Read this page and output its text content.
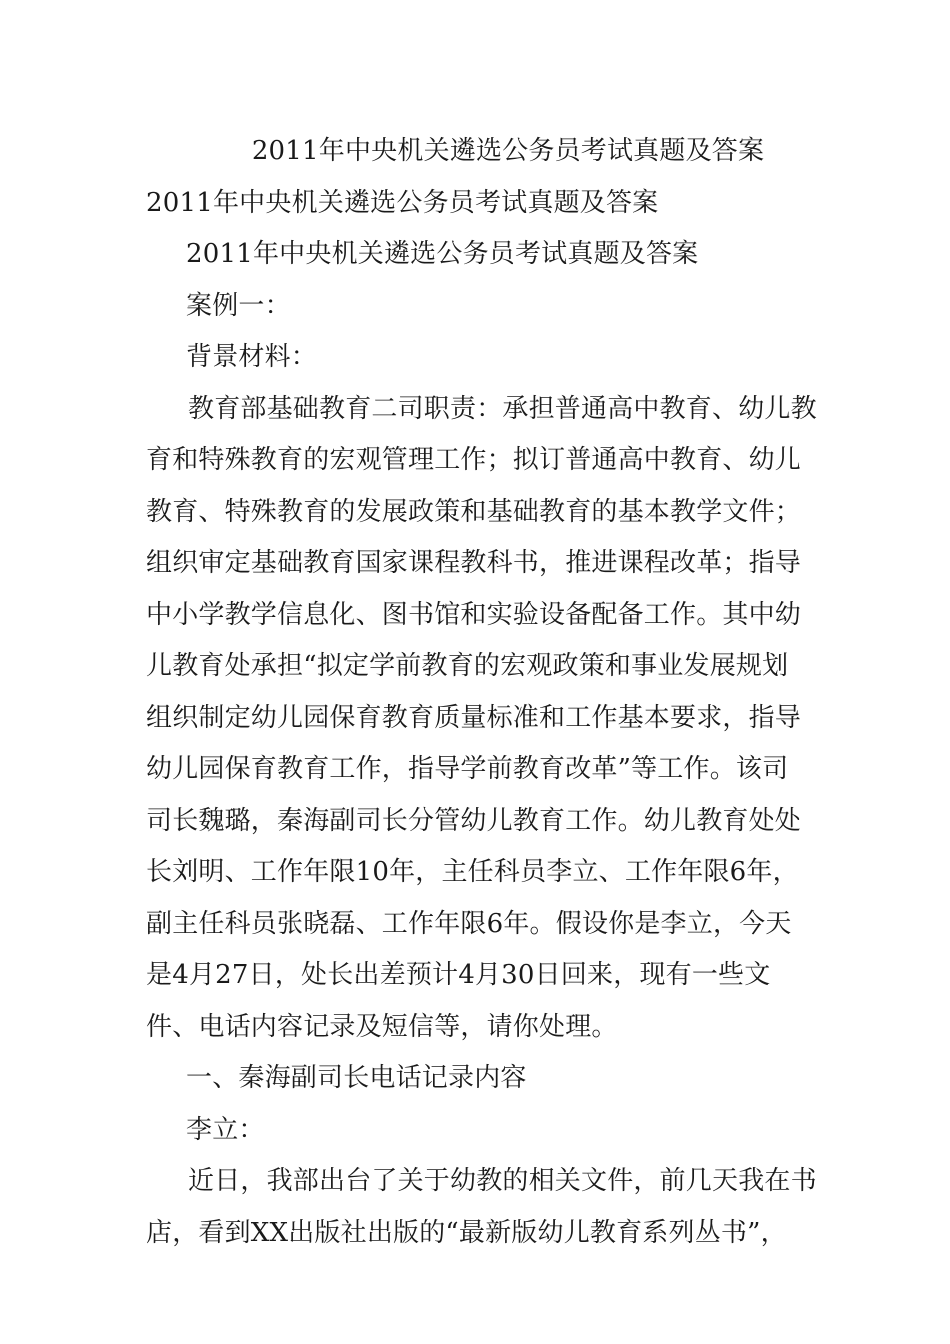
2011年中央机关遴选公务员考试真题及答案
2011年中央机关遴选公务员考试真题及答案
2011年中央机关遴选公务员考试真题及答案
案例一：
背景材料：
教育部基础教育二司职责：承担普通高中教育、幼儿教
育和特殊教育的宏观管理工作；拟订普通高中教育、幼儿
教育、特殊教育的发展政策和基础教育的基本教学文件；
组织审定基础教育国家课程教科书，推进课程改革；指导
中小学教学信息化、图书馆和实验设备配备工作。其中幼
儿教育处承担“拟定学前教育的宏观政策和事业发展规划
组织制定幼儿园保育教育质量标准和工作基本要求，指导
幼儿园保育教育工作，指导学前教育改革”等工作。该司
司长魏璐，秦海副司长分管幼儿教育工作。幼儿教育处处
长刘明、工作年限10年，主任科员李立、工作年限6年，
副主任科员张晓磊、工作年限6年。假设你是李立，今天
是4月27日，处长出差预计4月30日回来，现有一些文
件、电话内容记录及短信等，请你处理。
一、秦海副司长电话记录内容
李立：
近日，我部出台了关于幼教的相关文件，前几天我在书
店，看到XX出版社出版的“最新版幼儿教育系列丛书”，
